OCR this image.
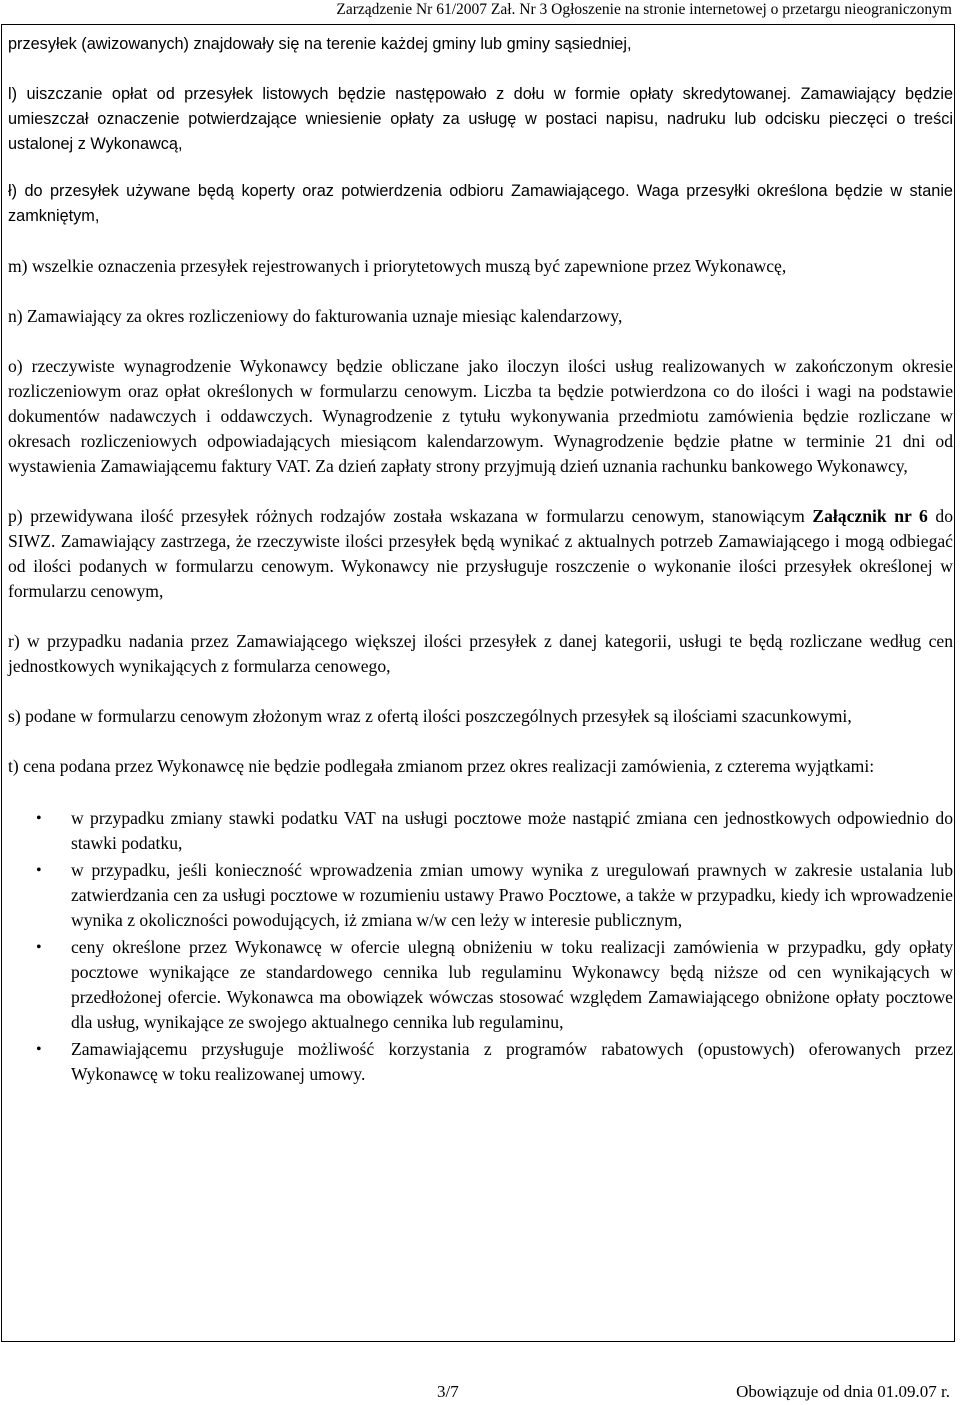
Zarządzenie Nr 61/2007 Zał. Nr 3 Ogłoszenie na stronie internetowej o przetargu nieograniczonym

przesyłek (awizowanych) znajdowały się na terenie każdej gminy lub gminy sąsiedniej,

l) uiszczanie opłat od przesyłek listowych będzie następowało z dołu w formie opłaty skredytowanej. Zamawiający będzie umieszczał oznaczenie potwierdzające wniesienie opłaty za usługę w postaci napisu, nadruku lub odcisku pieczęci o treści ustalonej z Wykonawcą,

ł) do przesyłek używane będą koperty oraz potwierdzenia odbioru Zamawiającego. Waga przesyłki określona będzie w stanie zamkniętym,

m) wszelkie oznaczenia przesyłek rejestrowanych i priorytetowych muszą być zapewnione przez Wykonawcę,

n) Zamawiający za okres rozliczeniowy do fakturowania uznaje miesiąc kalendarzowy,

o) rzeczywiste wynagrodzenie Wykonawcy będzie obliczane jako iloczyn ilości usług realizowanych w zakończonym okresie rozliczeniowym oraz opłat określonych w formularzu cenowym. Liczba ta będzie potwierdzona co do ilości i wagi na podstawie dokumentów nadawczych i oddawczych. Wynagrodzenie z tytułu wykonywania przedmiotu zamówienia będzie rozliczane w okresach rozliczeniowych odpowiadających miesiącom kalendarzowym. Wynagrodzenie będzie płatne w terminie 21 dni od wystawienia Zamawiającemu faktury VAT. Za dzień zapłaty strony przyjmują dzień uznania rachunku bankowego Wykonawcy,

p) przewidywana ilość przesyłek różnych rodzajów została wskazana w formularzu cenowym, stanowiącym Załącznik nr 6 do SIWZ. Zamawiający zastrzega, że rzeczywiste ilości przesyłek będą wynikać z aktualnych potrzeb Zamawiającego i mogą odbiegać od ilości podanych w formularzu cenowym. Wykonawcy nie przysługuje roszczenie o wykonanie ilości przesyłek określonej w formularzu cenowym,

r) w przypadku nadania przez Zamawiającego większej ilości przesyłek z danej kategorii, usługi te będą rozliczane według cen jednostkowych wynikających z formularza cenowego,

s) podane w formularzu cenowym złożonym wraz z ofertą ilości poszczególnych przesyłek są ilościami szacunkowymi,

t) cena podana przez Wykonawcę nie będzie podlegała zmianom przez okres realizacji zamówienia, z czterema wyjątkami:

• w przypadku zmiany stawki podatku VAT na usługi pocztowe może nastąpić zmiana cen jednostkowych odpowiednio do stawki podatku,
• w przypadku, jeśli konieczność wprowadzenia zmian umowy wynika z uregulowań prawnych w zakresie ustalania lub zatwierdzania cen za usługi pocztowe w rozumieniu ustawy Prawo Pocztowe, a także w przypadku, kiedy ich wprowadzenie wynika z okoliczności powodujących, iż zmiana w/w cen leży w interesie publicznym,
• ceny określone przez Wykonawcę w ofercie ulegną obniżeniu w toku realizacji zamówienia w przypadku, gdy opłaty pocztowe wynikające ze standardowego cennika lub regulaminu Wykonawcy będą niższe od cen wynikających w przedłożonej ofercie. Wykonawca ma obowiązek wówczas stosować względem Zamawiającego obniżone opłaty pocztowe dla usług, wynikające ze swojego aktualnego cennika lub regulaminu,
• Zamawiającemu przysługuje możliwość korzystania z programów rabatowych (opustowych) oferowanych przez Wykonawcę w toku realizowanej umowy.
3/7	Obowiązuje od dnia 01.09.07 r.
